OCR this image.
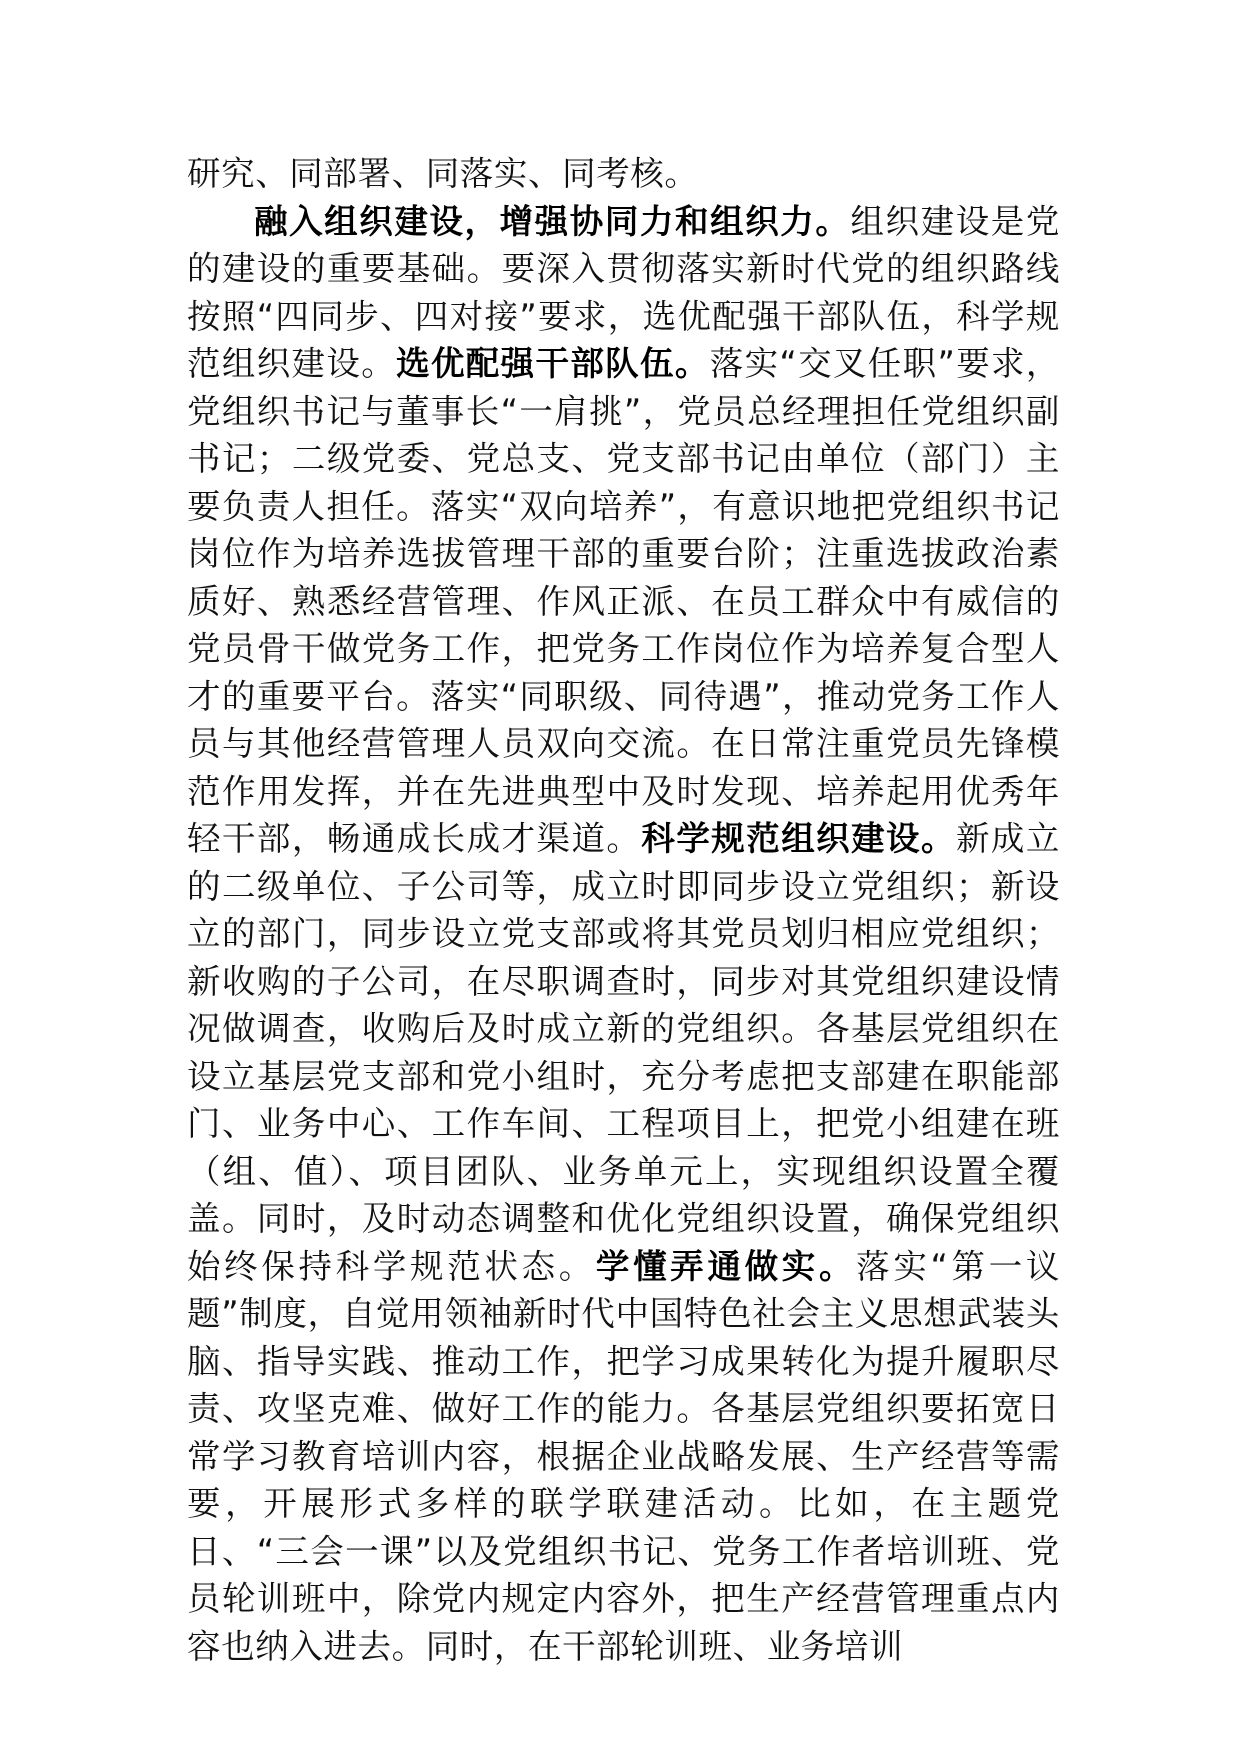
研究、同部署、同落实、同考核。

融入组织建设，增强协同力和组织力。组织建设是党的建设的重要基础。要深入贯彻落实新时代党的组织路线按照“四同步、四对接”要求，选优配强干部队伍，科学规范组织建设。选优配强干部队伍。落实“交叉任职”要求，党组织书记与董事长“一肩挑”，党员总经理担任党组织副书记；二级党委、党总支、党支部书记由单位（部门）主要负责人担任。落实“双向培养”，有意识地把党组织书记岗位作为培养选拔管理干部的重要台阶；注重选拔政治素质好、熟悉经营管理、作风正派、在员工群众中有威信的党员骨干做党务工作，把党务工作岗位作为培养复合型人才的重要平台。落实“同职级、同待遇”，推动党务工作人员与其他经营管理人员双向交流。在日常注重党员先锋模范作用发挥，并在先进典型中及时发现、培养起用优秀年轻干部，畅通成长成才渠道。科学规范组织建设。新成立的二级单位、子公司等，成立时即同步设立党组织；新设立的部门，同步设立党支部或将其党员划归相应党组织；新收购的子公司，在尽职调查时，同步对其党组织建设情况做调查，收购后及时成立新的党组织。各基层党组织在设立基层党支部和党小组时，充分考虑把支部建在职能部门、业务中心、工作车间、工程项目上，把党小组建在班（组、值）、项目团队、业务单元上，实现组织设置全覆盖。同时，及时动态调整和优化党组织设置，确保党组织始终保持科学规范状态。学懂弄通做实。落实“第一议题”制度，自觉用领袖新时代中国特色社会主义思想武装头脑、指导实践、推动工作，把学习成果转化为提升履职尽责、攻坚克难、做好工作的能力。各基层党组织要拓宽日常学习教育培训内容，根据企业战略发展、生产经营等需要，开展形式多样的联学联建活动。比如，在主题党日、“三会一课”以及党组织书记、党务工作者培训班、党员轮训班中，除党内规定内容外，把生产经营管理重点内容也纳入进去。同时，在干部轮训班、业务培训
